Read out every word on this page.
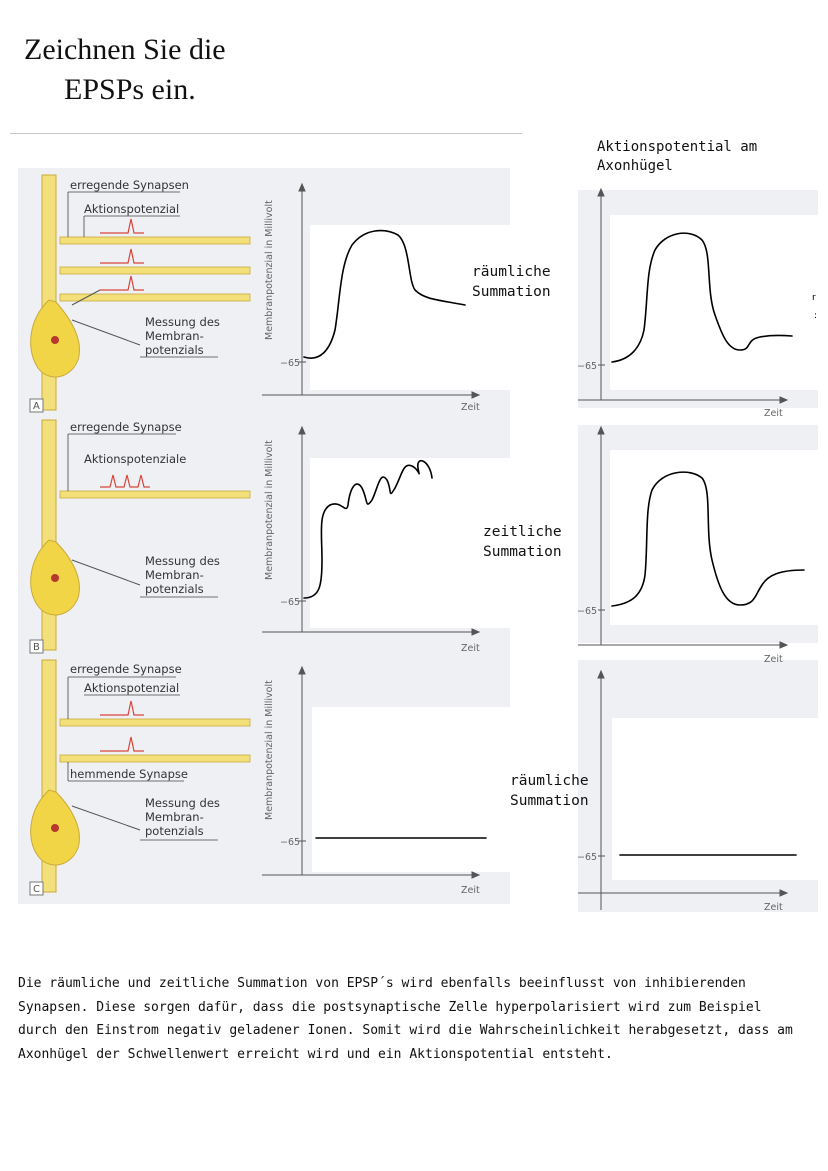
Zeichnen Sie die
EPSPs ein.
Aktionspotential am
Axonhügel
r
:
erregende Synapsen
Aktionspotenzial
Messung des
Membran-
potenzials
A
erregende Synapse
Aktionspotenziale
Messung des
Membran-
potenzials
B
erregende Synapse
Aktionspotenzial
hemmende Synapse
Messung des
Membran-
potenzials
C
Membranpotenzial in Millivolt
Membranpotenzial in Millivolt
Membranpotenzial in Millivolt
−65
−65
−65
−65
−65
−65
Zeit
Zeit
Zeit
Zeit
Zeit
Zeit
räumliche
Summation
zeitliche
Summation
räumliche
Summation
Die räumliche und zeitliche Summation von EPSP´s wird ebenfalls beeinflusst von inhibierenden Synapsen. Diese sorgen dafür, dass die postsynaptische Zelle hyperpolarisiert wird zum Beispiel durch den Einstrom negativ geladener Ionen. Somit wird die Wahrscheinlichkeit herabgesetzt, dass am Axonhügel der Schwellenwert erreicht wird und ein Aktionspotential entsteht.
